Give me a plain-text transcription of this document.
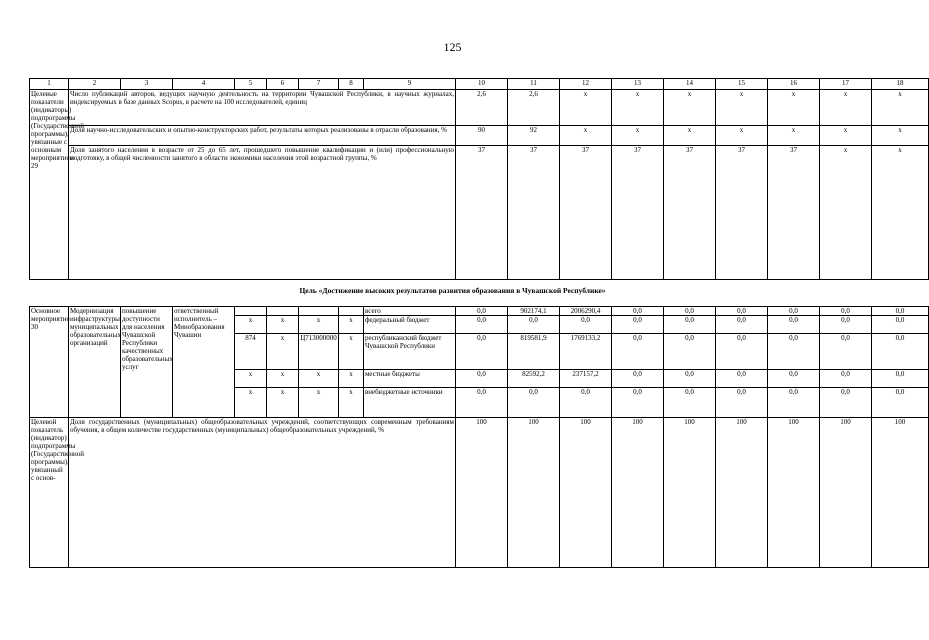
125
1	2	3	4	5	6	7	8	9	10	11	12	13	14	15	16	17	18
Целевые показатели (индикаторы) подпрограммы (Государственной программы), увязанные с основным мероприятием 29	Число публикаций авторов, ведущих научную деятельность на территории Чувашской Республики, в научных журналах, индексируемых в базе данных Scopus, в расчете на 100 исследователей, единиц								2,6	2,6	x	x	x	x	x	x	x
	Доля научно-исследовательских и опытно-конструкторских работ, результаты которых реализованы в отрасли образования, %								90	92	x	x	x	x	x	x	x
	Доля занятого населения в возрасте от 25 до 65 лет, прошедшего повышение квалификации и (или) профессиональную подготовку, в общей численности занятого в области экономики населения этой возрастной группы, %								37	37	37	37	37	37	37	x	x
Цель «Достижение высоких результатов развития образования в Чувашской Республике»
Основное мероприятие 30	Модернизация инфраструктуры муниципальных образовательных организаций	повышение доступности для населения Чувашской Республики качественных образовательных услуг	ответственный исполнитель – Минобразования Чувашии					всего	0,0	902174,1	2006290,4	0,0	0,0	0,0	0,0	0,0	0,0
				x	x	x	x	федеральный бюджет	0,0	0,0	0,0	0,0	0,0	0,0	0,0	0,0	0,0
				874	x	Ц713000000	x	республиканский бюджет Чувашской Республики	0,0	819581,9	1769133,2	0,0	0,0	0,0	0,0	0,0	0,0
				x	x	x	x	местные бюджеты	0,0	82592,2	237157,2	0,0	0,0	0,0	0,0	0,0	0,0
				x	x	x	x	внебюджетные источники	0,0	0,0	0,0	0,0	0,0	0,0	0,0	0,0	0,0
Целевой показатель (индикатор) подпрограммы (Государственной программы), увязанный с основ-	Доля государственных (муниципальных) общеобразовательных учреждений, соответствующих современным требованиям обучения, в общем количестве государственных (муниципальных) общеобразовательных учреждений, %								100	100	100	100	100	100	100	100	100
